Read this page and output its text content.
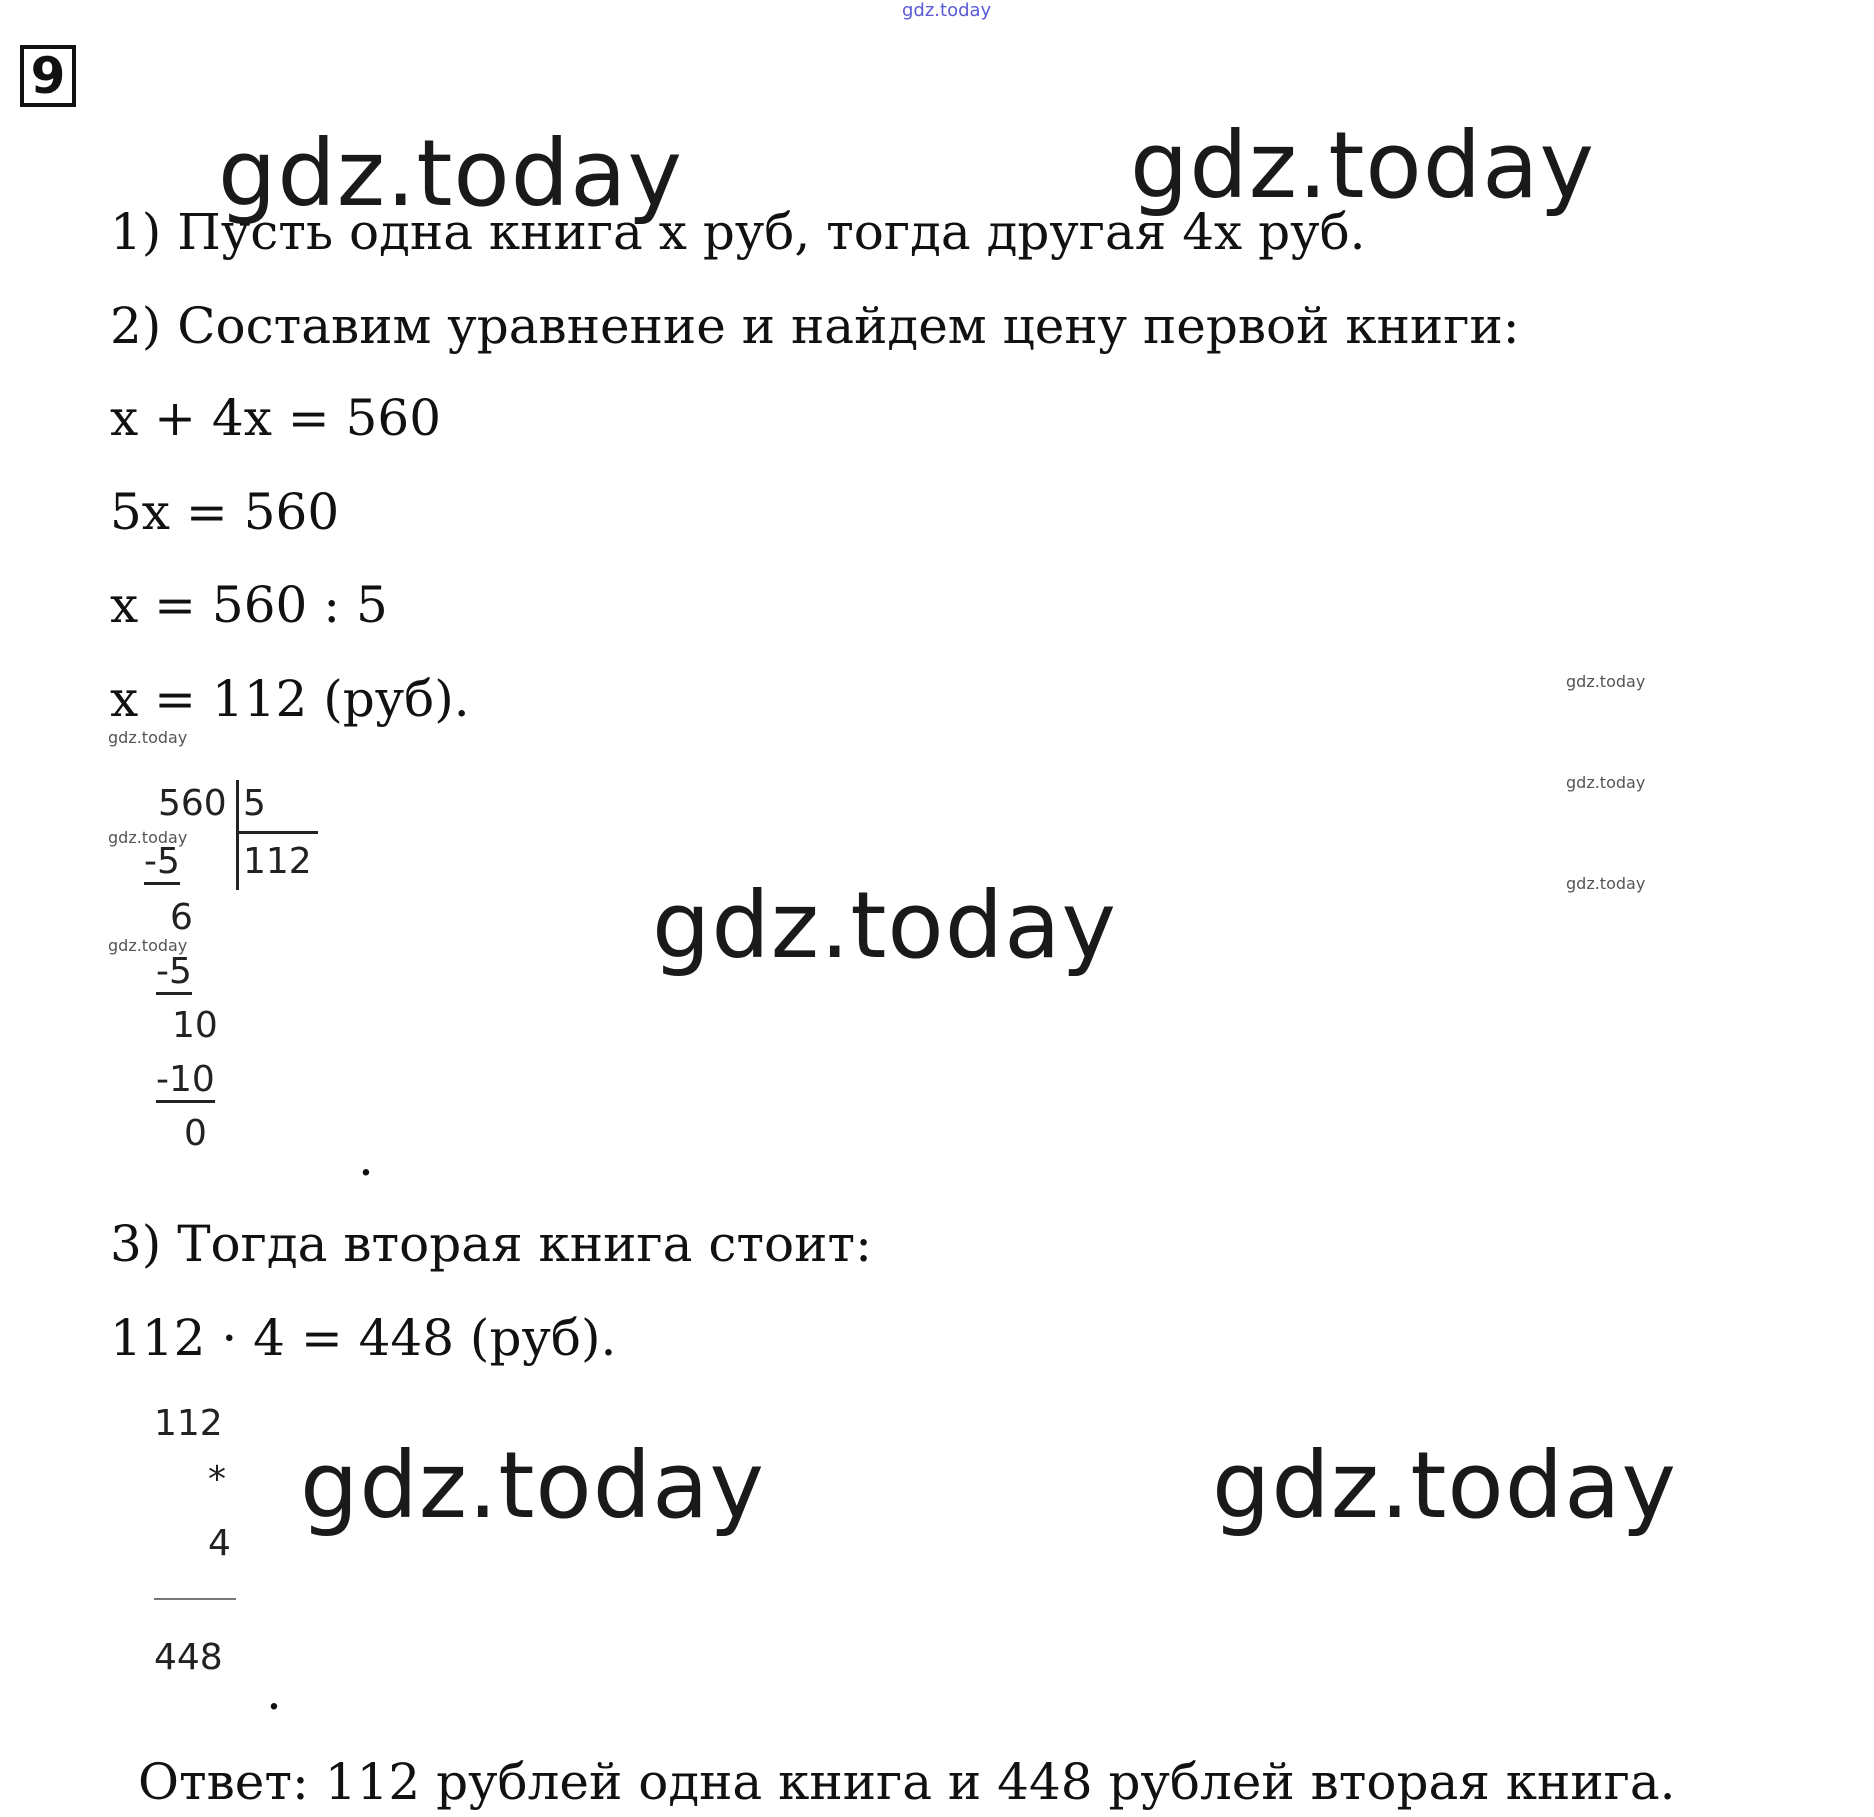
gdz.today
9
gdz.today	gdz.today
gdz.today
gdz.today	gdz.today
gdz.today
gdz.today
gdz.today
gdz.today
gdz.today
gdz.today
1) Пусть одна книга x руб, тогда другая 4x руб.
2) Составим уравнение и найдем цену первой книги:
x + 4x = 560
5x = 560
x = 560 : 5
x = 112 (руб).
560 5
112
-5
6
-5
10
-10
0	.
3) Тогда вторая книга стоит:
112 · 4 = 448 (руб).
112
*
4
448
.
Ответ: 112 рублей одна книга и 448 рублей вторая книга.
